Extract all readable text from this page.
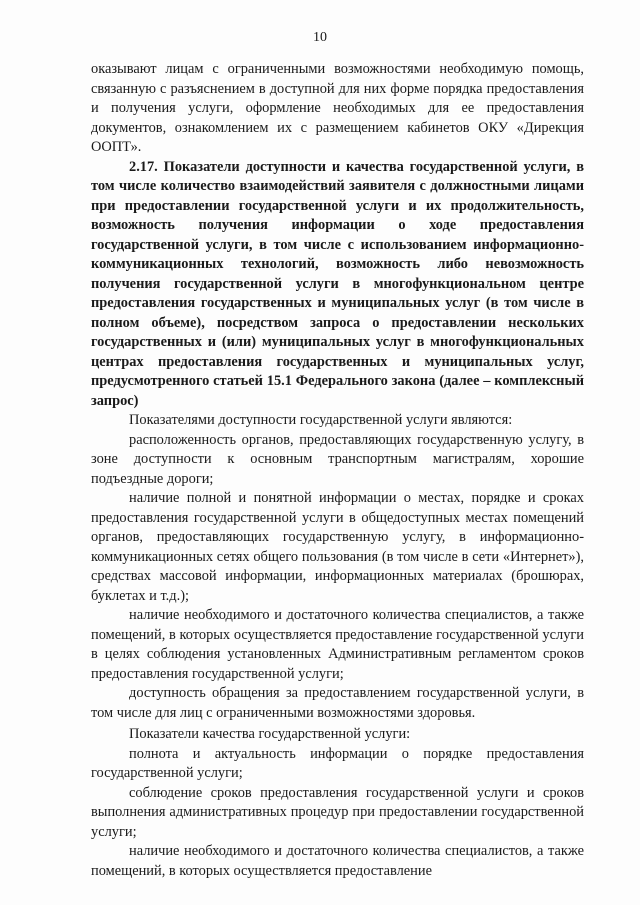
10

оказывают лицам с ограниченными возможностями необходимую помощь, связанную с разъяснением в доступной для них форме порядка предоставления и получения услуги, оформление необходимых для ее предоставления документов, ознакомлением их с размещением кабинетов ОКУ «Дирекция ООПТ».

2.17. Показатели доступности и качества государственной услуги, в том числе количество взаимодействий заявителя с должностными лицами при предоставлении государственной услуги и их продолжительность, возможность получения информации о ходе предоставления государственной услуги, в том числе с использованием информационно-коммуникационных технологий, возможность либо невозможность получения государственной услуги в многофункциональном центре предоставления государственных и муниципальных услуг (в том числе в полном объеме), посредством запроса о предоставлении нескольких государственных и (или) муниципальных услуг в многофункциональных центрах предоставления государственных и муниципальных услуг, предусмотренного статьей 15.1 Федерального закона (далее – комплексный запрос)

Показателями доступности государственной услуги являются:

расположенность органов, предоставляющих государственную услугу, в зоне доступности к основным транспортным магистралям, хорошие подъездные дороги;

наличие полной и понятной информации о местах, порядке и сроках предоставления государственной услуги в общедоступных местах помещений органов, предоставляющих государственную услугу, в информационно-коммуникационных сетях общего пользования (в том числе в сети «Интернет»), средствах массовой информации, информационных материалах (брошюрах, буклетах и т.д.);

наличие необходимого и достаточного количества специалистов, а также помещений, в которых осуществляется предоставление государственной услуги в целях соблюдения установленных Административным регламентом сроков предоставления государственной услуги;

доступность обращения за предоставлением государственной услуги, в том числе для лиц с ограниченными возможностями здоровья.

Показатели качества государственной услуги:

полнота и актуальность информации о порядке предоставления государственной услуги;

соблюдение сроков предоставления государственной услуги и сроков выполнения административных процедур при предоставлении государственной услуги;

наличие необходимого и достаточного количества специалистов, а также помещений, в которых осуществляется предоставление
